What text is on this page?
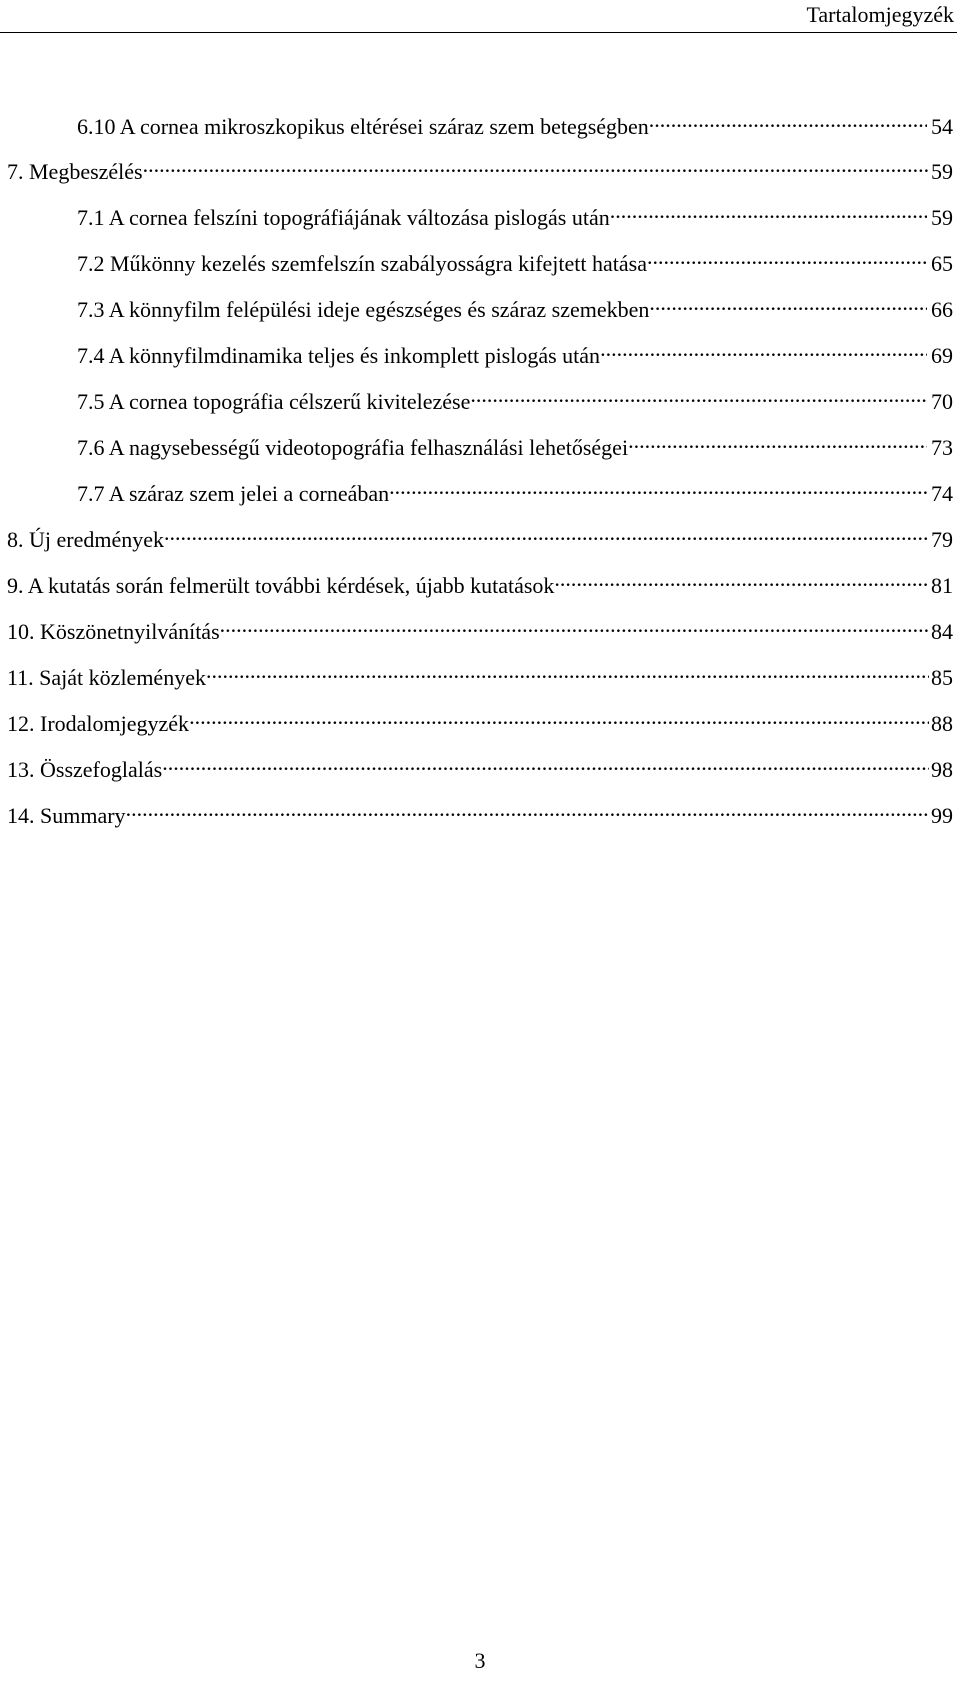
Tartalomjegyzék
6.10 A cornea mikroszkopikus eltérései száraz szem betegségben .....	54
7. Megbeszélés .....	59
7.1 A cornea felszíni topográfiájának változása pislogás után .....	59
7.2 Műkönny kezelés szemfelszín szabályosságra kifejtett hatása .....	65
7.3 A könnyfilm felépülési ideje egészséges és száraz szemekben .....	66
7.4 A könnyfilmdinamika teljes és inkomplett pislogás után .....	69
7.5 A cornea topográfia célszerű kivitelezése .....	70
7.6 A nagysebességű videotopográfia felhasználási lehetőségei .....	73
7.7 A száraz szem jelei a corneában .....	74
8. Új eredmények .....	79
9. A kutatás során felmerült további kérdések, újabb kutatások .....	81
10. Köszönetnyilvánítás .....	84
11. Saját közlemények .....	85
12. Irodalomjegyzék .....	88
13. Összefoglalás .....	98
14. Summary .....	99
3
